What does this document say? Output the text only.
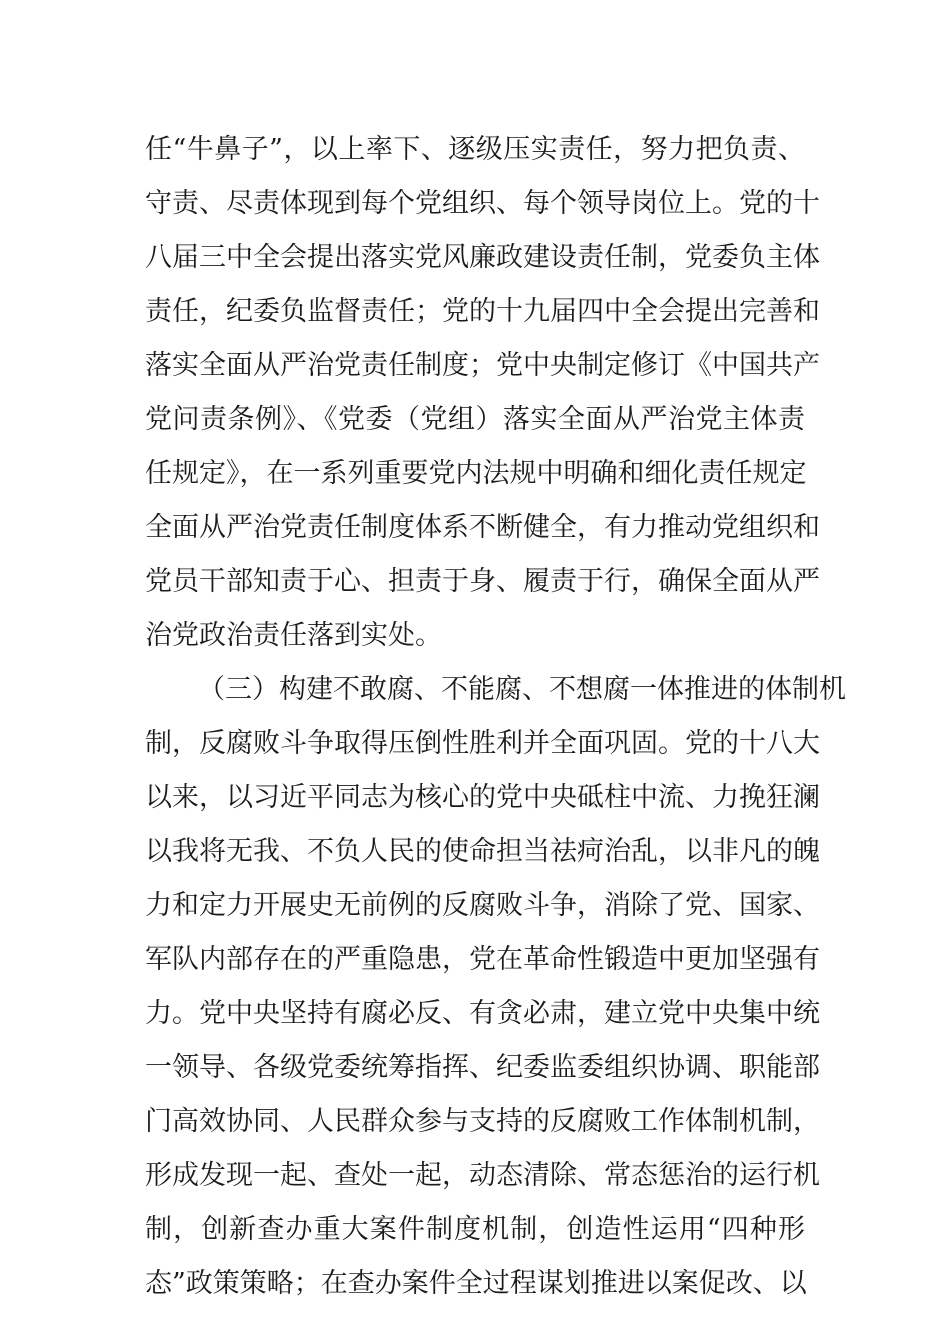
任“牛鼻子”，以上率下、逐级压实责任，努力把负责、
守责、尽责体现到每个党组织、每个领导岗位上。党的十
八届三中全会提出落实党风廉政建设责任制，党委负主体
责任，纪委负监督责任；党的十九届四中全会提出完善和
落实全面从严治党责任制度；党中央制定修订《中国共产
党问责条例》、《党委（党组）落实全面从严治党主体责
任规定》，在一系列重要党内法规中明确和细化责任规定
全面从严治党责任制度体系不断健全，有力推动党组织和
党员干部知责于心、担责于身、履责于行，确保全面从严
治党政治责任落到实处。
（三）构建不敢腐、不能腐、不想腐一体推进的体制机
制，反腐败斗争取得压倒性胜利并全面巩固。党的十八大
以来，以习近平同志为核心的党中央砥柱中流、力挽狂澜
以我将无我、不负人民的使命担当祛疴治乱，以非凡的魄
力和定力开展史无前例的反腐败斗争，消除了党、国家、
军队内部存在的严重隐患，党在革命性锻造中更加坚强有
力。党中央坚持有腐必反、有贪必肃，建立党中央集中统
一领导、各级党委统筹指挥、纪委监委组织协调、职能部
门高效协同、人民群众参与支持的反腐败工作体制机制，
形成发现一起、查处一起，动态清除、常态惩治的运行机
制，创新查办重大案件制度机制，创造性运用“四种形
态”政策策略；在查办案件全过程谋划推进以案促改、以
